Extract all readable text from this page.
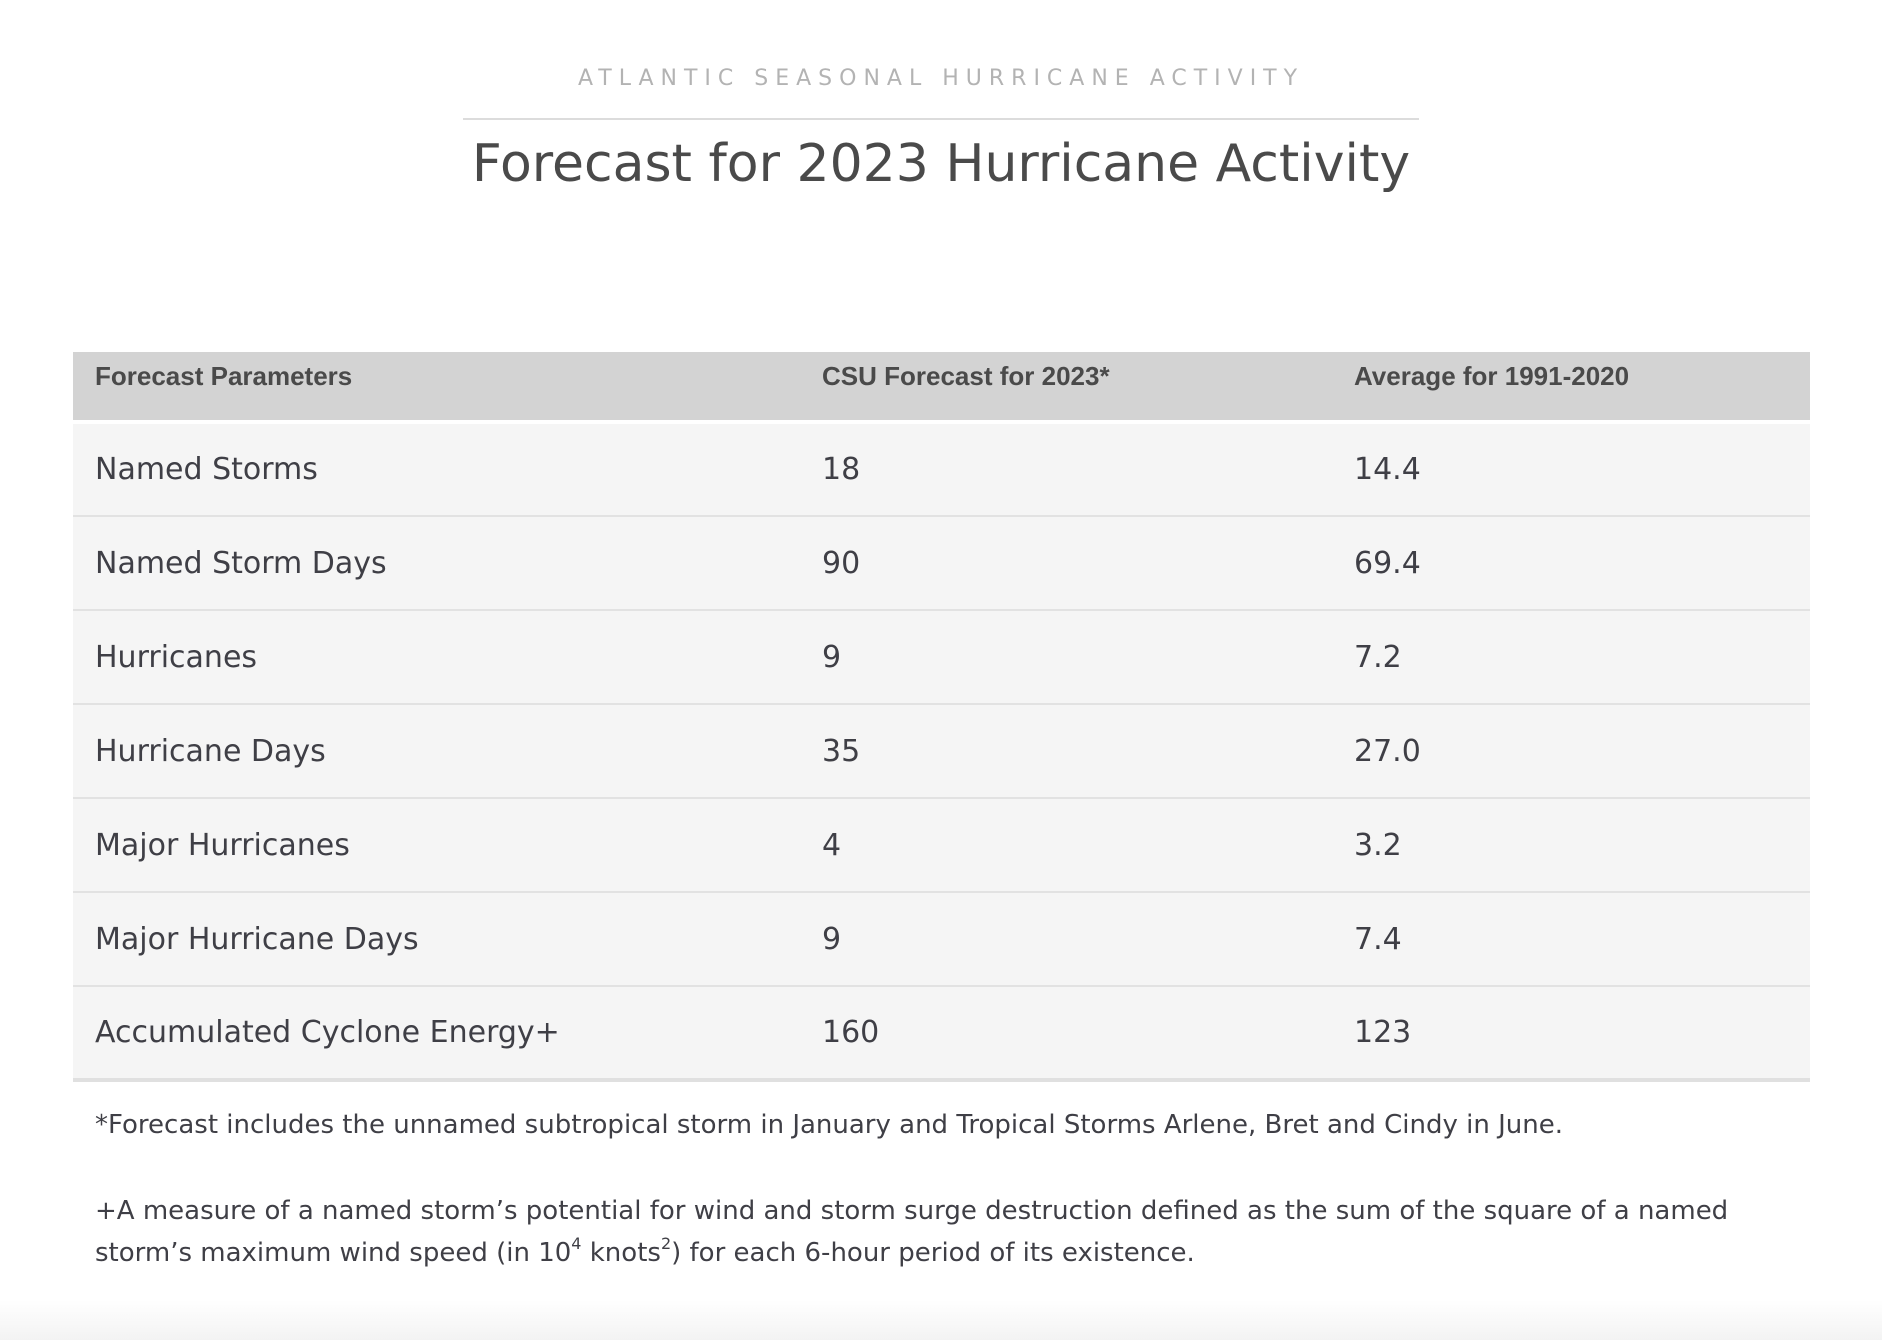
ATLANTIC SEASONAL HURRICANE ACTIVITY
Forecast for 2023 Hurricane Activity
Forecast Parameters	CSU Forecast for 2023*	Average for 1991-2020
Named Storms	18	14.4
Named Storm Days	90	69.4
Hurricanes	9	7.2
Hurricane Days	35	27.0
Major Hurricanes	4	3.2
Major Hurricane Days	9	7.4
Accumulated Cyclone Energy+	160	123

*Forecast includes the unnamed subtropical storm in January and Tropical Storms Arlene, Bret and Cindy in June.

+A measure of a named storm’s potential for wind and storm surge destruction defined as the sum of the square of a named storm’s maximum wind speed (in $10^4$ knots$^2$) for each 6-hour period of its existence.
